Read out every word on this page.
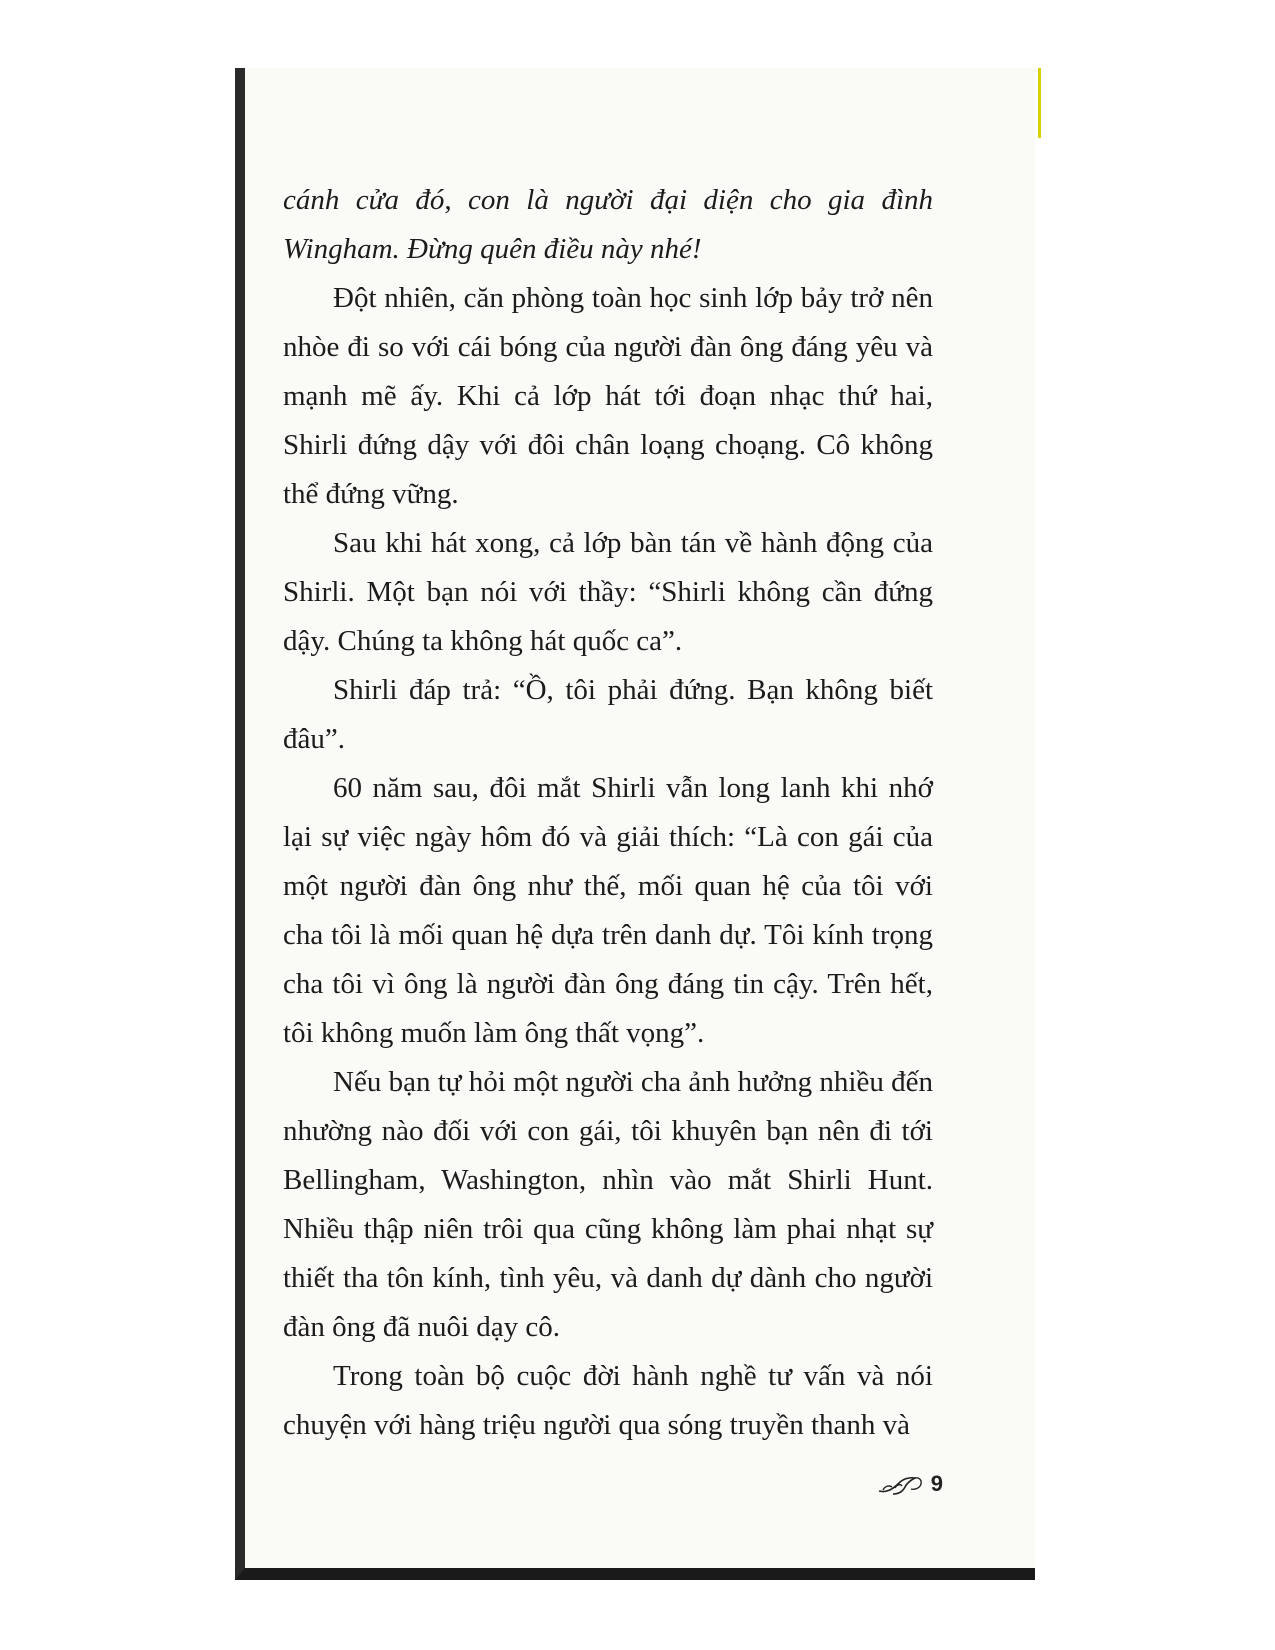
cánh cửa đó, con là người đại diện cho gia đình Wingham. Đừng quên điều này nhé!

Đột nhiên, căn phòng toàn học sinh lớp bảy trở nên nhòe đi so với cái bóng của người đàn ông đáng yêu và mạnh mẽ ấy. Khi cả lớp hát tới đoạn nhạc thứ hai, Shirli đứng dậy với đôi chân loạng choạng. Cô không thể đứng vững.

Sau khi hát xong, cả lớp bàn tán về hành động của Shirli. Một bạn nói với thầy: “Shirli không cần đứng dậy. Chúng ta không hát quốc ca”.

Shirli đáp trả: “Ồ, tôi phải đứng. Bạn không biết đâu”.

60 năm sau, đôi mắt Shirli vẫn long lanh khi nhớ lại sự việc ngày hôm đó và giải thích: “Là con gái của một người đàn ông như thế, mối quan hệ của tôi với cha tôi là mối quan hệ dựa trên danh dự. Tôi kính trọng cha tôi vì ông là người đàn ông đáng tin cậy. Trên hết, tôi không muốn làm ông thất vọng”.

Nếu bạn tự hỏi một người cha ảnh hưởng nhiều đến nhường nào đối với con gái, tôi khuyên bạn nên đi tới Bellingham, Washington, nhìn vào mắt Shirli Hunt. Nhiều thập niên trôi qua cũng không làm phai nhạt sự thiết tha tôn kính, tình yêu, và danh dự dành cho người đàn ông đã nuôi dạy cô.

Trong toàn bộ cuộc đời hành nghề tư vấn và nói chuyện với hàng triệu người qua sóng truyền thanh và

9
